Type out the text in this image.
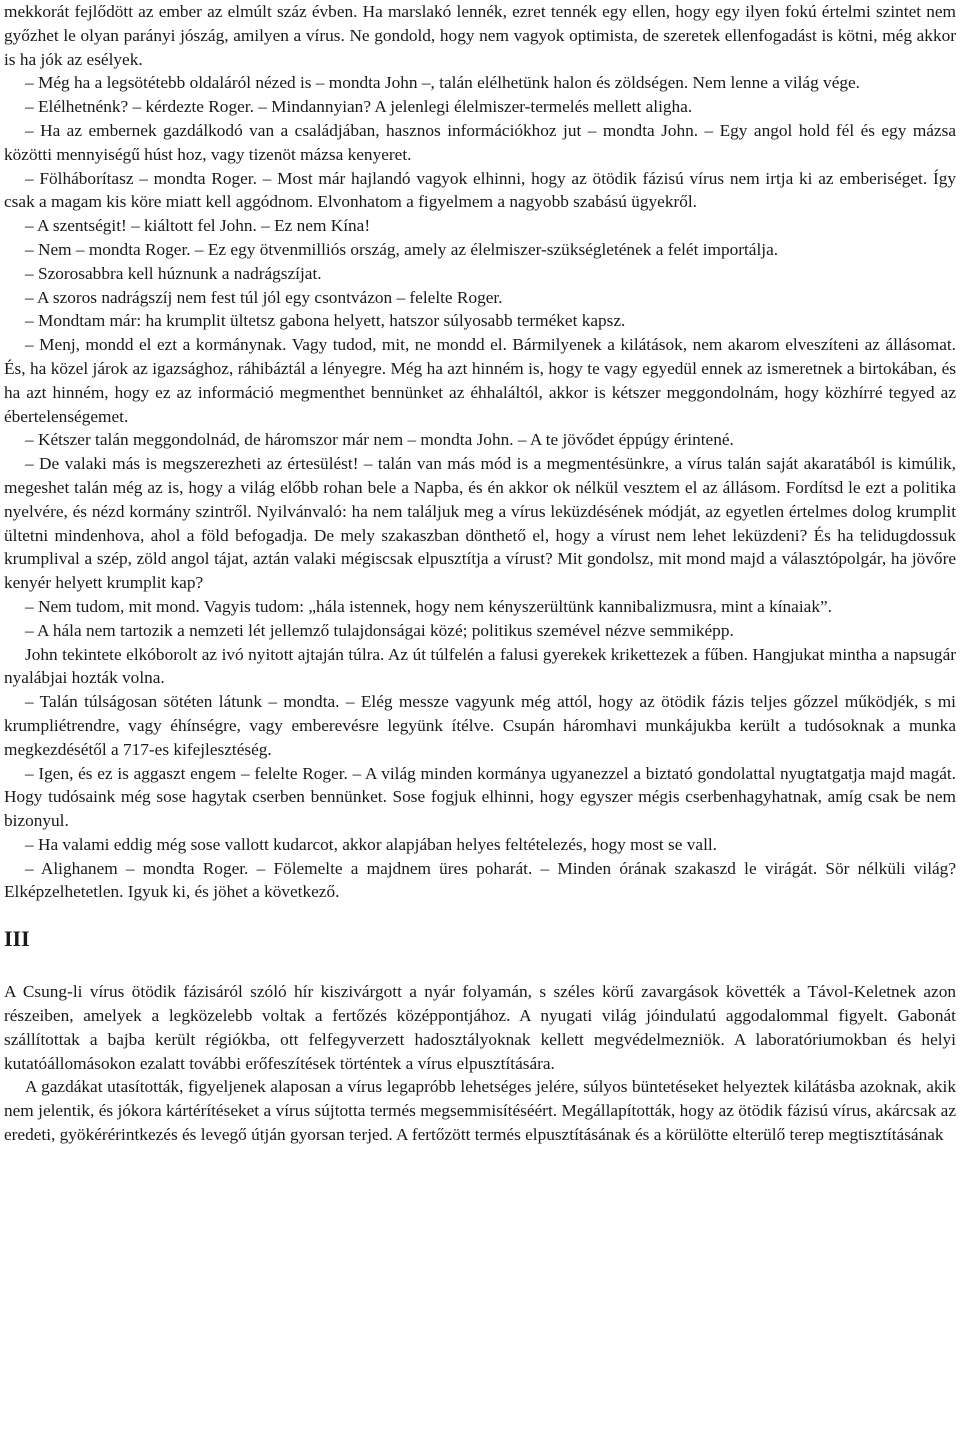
mekkorát fejlődött az ember az elmúlt száz évben. Ha marslakó lennék, ezret tennék egy ellen, hogy egy ilyen fokú értelmi szintet nem győzhet le olyan parányi jószág, amilyen a vírus. Ne gondold, hogy nem vagyok optimista, de szeretek ellenfogadást is kötni, még akkor is ha jók az esélyek.

– Még ha a legsötétebb oldaláról nézed is – mondta John –, talán elélhetünk halon és zöldségen. Nem lenne a világ vége.

– Elélhetnénk? – kérdezte Roger. – Mindannyian? A jelenlegi élelmiszer-termelés mellett aligha.

– Ha az embernek gazdálkodó van a családjában, hasznos információkhoz jut – mondta John. – Egy angol hold fél és egy mázsa közötti mennyiségű húst hoz, vagy tizenöt mázsa kenyeret.

– Fölháborítasz – mondta Roger. – Most már hajlandó vagyok elhinni, hogy az ötödik fázisú vírus nem irtja ki az emberiséget. Így csak a magam kis köre miatt kell aggódnom. Elvonhatom a figyelmem a nagyobb szabású ügyekről.

– A szentségit! – kiáltott fel John. – Ez nem Kína!

– Nem – mondta Roger. – Ez egy ötvenmilliós ország, amely az élelmiszer-szükségletének a felét importálja.

– Szorosabbra kell húznunk a nadrágszíjat.

– A szoros nadrágszíj nem fest túl jól egy csontvázon – felelte Roger.

– Mondtam már: ha krumplit ültetsz gabona helyett, hatszor súlyosabb terméket kapsz.

– Menj, mondd el ezt a kormánynak. Vagy tudod, mit, ne mondd el. Bármilyenek a kilátások, nem akarom elveszíteni az állásomat. És, ha közel járok az igazsághoz, ráhibáztál a lényegre. Még ha azt hinném is, hogy te vagy egyedül ennek az ismeretnek a birtokában, és ha azt hinném, hogy ez az információ megmenthet bennünket az éhhaláltól, akkor is kétszer meggondolnám, hogy közhírré tegyed az ébertelenségemet.

– Kétszer talán meggondolnád, de háromszor már nem – mondta John. – A te jövődet éppúgy érintené.

– De valaki más is megszerezheti az értesülést! – talán van más mód is a megmentésünkre, a vírus talán saját akaratából is kimúlik, megeshet talán még az is, hogy a világ előbb rohan bele a Napba, és én akkor ok nélkül vesztem el az állásom. Fordítsd le ezt a politika nyelvére, és nézd kormány szintről. Nyilvánvaló: ha nem találjuk meg a vírus leküzdésének módját, az egyetlen értelmes dolog krumplit ültetni mindenhova, ahol a föld befogadja. De mely szakaszban dönthető el, hogy a vírust nem lehet leküzdeni? És ha telidugdossuk krumplival a szép, zöld angol tájat, aztán valaki mégiscsak elpusztítja a vírust? Mit gondolsz, mit mond majd a választópolgár, ha jövőre kenyér helyett krumplit kap?

– Nem tudom, mit mond. Vagyis tudom: „hála istennek, hogy nem kényszerültünk kannibalizmusra, mint a kínaiak”.

– A hála nem tartozik a nemzeti lét jellemző tulajdonságai közé; politikus szemével nézve semmiképp.

John tekintete elkóborolt az ivó nyitott ajtaján túlra. Az út túlfelén a falusi gyerekek krikettezek a fűben. Hangjukat mintha a napsugár nyalábjai hozták volna.

– Talán túlságosan sötéten látunk – mondta. – Elég messze vagyunk még attól, hogy az ötödik fázis teljes gőzzel működjék, s mi krumpliétrendre, vagy éhínségre, vagy emberevésre legyünk ítélve. Csupán háromhavi munkájukba került a tudósoknak a munka megkezdésétől a 717-es kifejlesztéség.

– Igen, és ez is aggaszt engem – felelte Roger. – A világ minden kormánya ugyanezzel a biztató gondolattal nyugtatgatja majd magát. Hogy tudósaink még sose hagytak cserben bennünket. Sose fogjuk elhinni, hogy egyszer mégis cserbenhagyhatnak, amíg csak be nem bizonyul.

– Ha valami eddig még sose vallott kudarcot, akkor alapjában helyes feltételezés, hogy most se vall.

– Alighanem – mondta Roger. – Fölemelte a majdnem üres poharát. – Minden órának szakaszd le virágát. Sör nélküli világ? Elképzelhetetlen. Igyuk ki, és jöhet a következő.

III

A Csung-li vírus ötödik fázisáról szóló hír kiszivárgott a nyár folyamán, s széles körű zavargások követték a Távol-Keletnek azon részeiben, amelyek a legközelebb voltak a fertőzés középpontjához. A nyugati világ jóindulatú aggodalommal figyelt. Gabonát szállítottak a bajba került régiókba, ott felfegyverzett hadosztályoknak kellett megvédelmezniök. A laboratóriumokban és helyi kutatóállomásokon ezalatt további erőfeszítések történtek a vírus elpusztítására.

A gazdákat utasították, figyeljenek alaposan a vírus legapróbb lehetséges jelére, súlyos büntetéseket helyeztek kilátásba azoknak, akik nem jelentik, és jókora kártérítéseket a vírus sújtotta termés megsemmisítéséért. Megállapították, hogy az ötödik fázisú vírus, akárcsak az eredeti, gyökérérintkezés és levegő útján gyorsan terjed. A fertőzött termés elpusztításának és a körülötte elterülő terep megtisztításának
